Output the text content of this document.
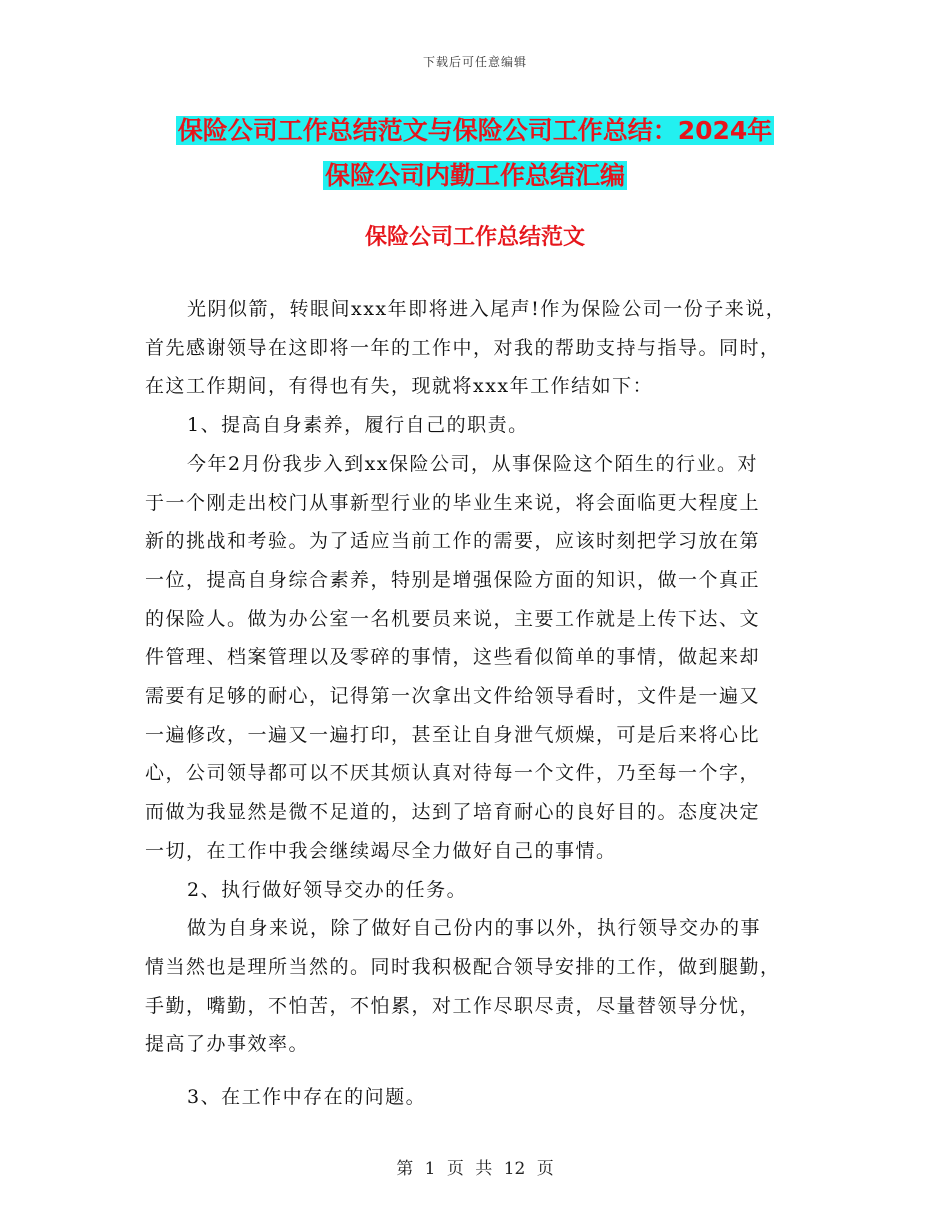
下载后可任意编辑
保险公司工作总结范文与保险公司工作总结：2024年
保险公司内勤工作总结汇编
保险公司工作总结范文

光阴似箭，转眼间xxx年即将进入尾声!作为保险公司一份子来说，

首先感谢领导在这即将一年的工作中，对我的帮助支持与指导。同时，

在这工作期间，有得也有失，现就将xxx年工作结如下：

1、提高自身素养，履行自己的职责。

今年2月份我步入到xx保险公司，从事保险这个陌生的行业。对

于一个刚走出校门从事新型行业的毕业生来说，将会面临更大程度上

新的挑战和考验。为了适应当前工作的需要，应该时刻把学习放在第

一位，提高自身综合素养，特别是增强保险方面的知识，做一个真正

的保险人。做为办公室一名机要员来说，主要工作就是上传下达、文

件管理、档案管理以及零碎的事情，这些看似简单的事情，做起来却

需要有足够的耐心，记得第一次拿出文件给领导看时，文件是一遍又

一遍修改，一遍又一遍打印，甚至让自身泄气烦燥，可是后来将心比

心，公司领导都可以不厌其烦认真对待每一个文件，乃至每一个字，

而做为我显然是微不足道的，达到了培育耐心的良好目的。态度决定

一切，在工作中我会继续竭尽全力做好自己的事情。

2、执行做好领导交办的任务。

做为自身来说，除了做好自己份内的事以外，执行领导交办的事

情当然也是理所当然的。同时我积极配合领导安排的工作，做到腿勤，

手勤，嘴勤，不怕苦，不怕累，对工作尽职尽责，尽量替领导分忧，

提高了办事效率。

3、在工作中存在的问题。

第 1 页 共 12 页
